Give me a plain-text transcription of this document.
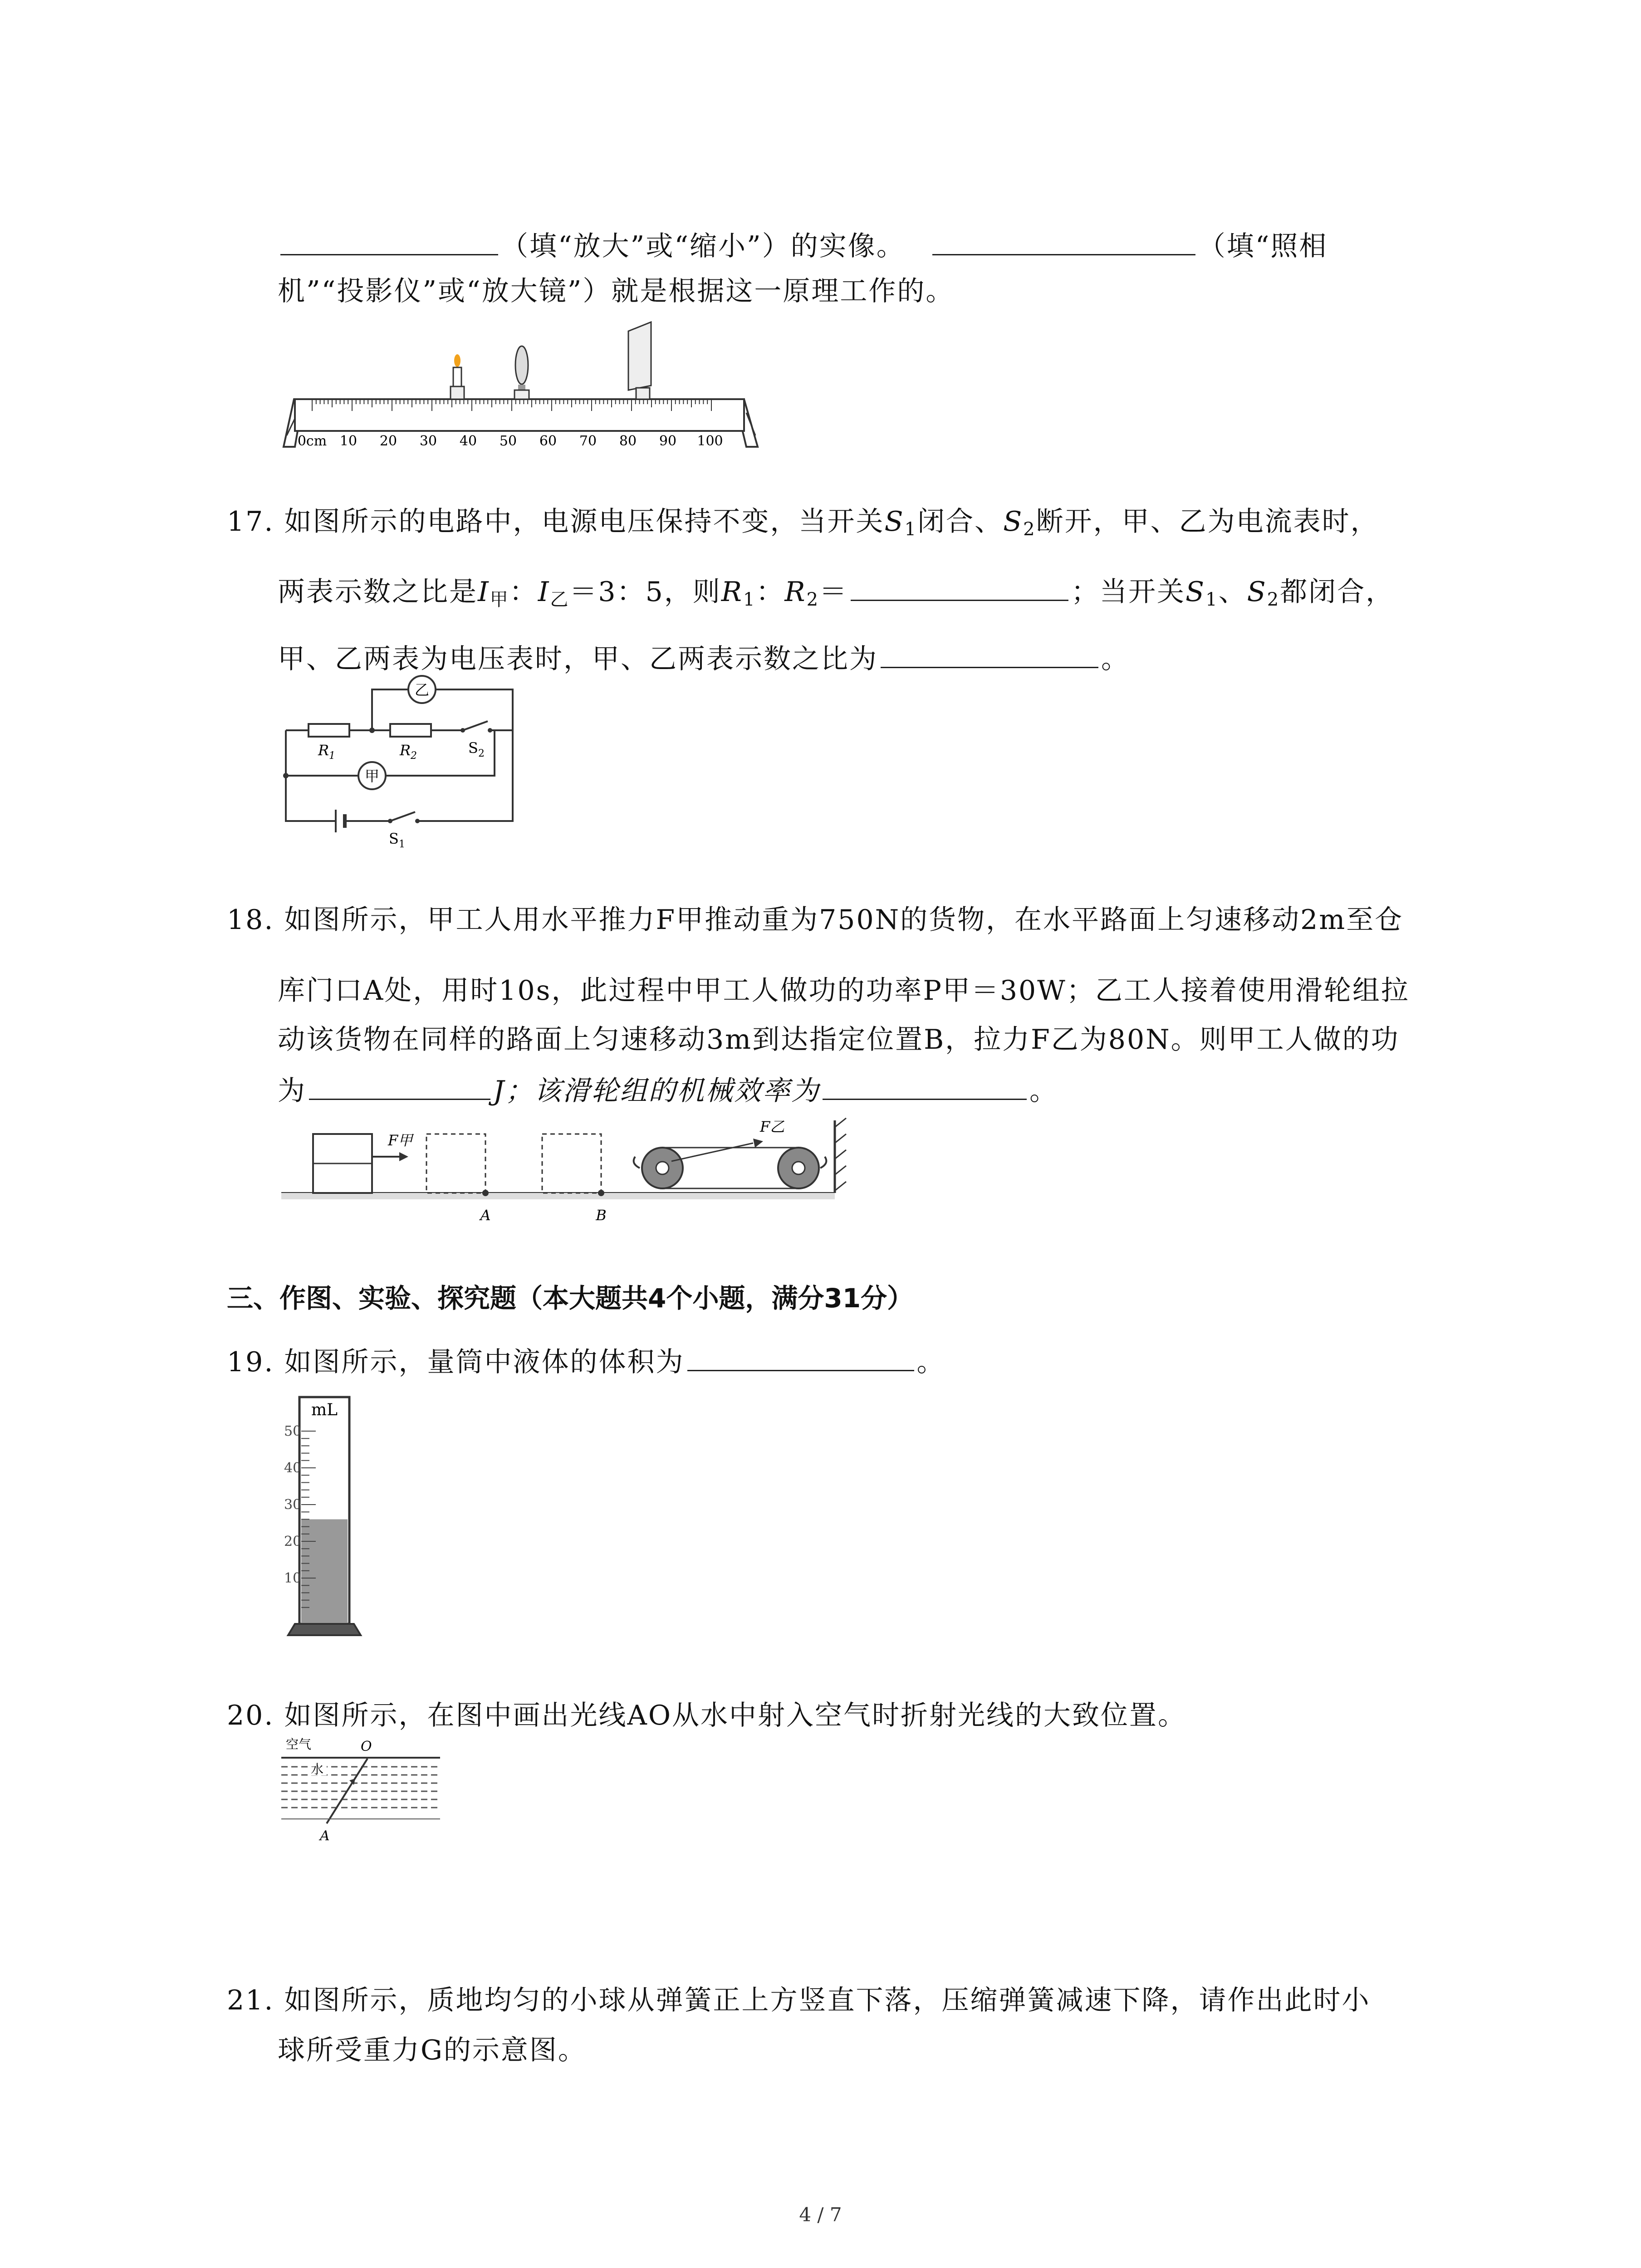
（填“放大”或“缩小”）的实像。	（填“照相
机”“投影仪”或“放大镜”）就是根据这一原理工作的。
0cm 10 20 30 40 50 60 70 80 90 100
17. 如图所示的电路中，电源电压保持不变，当开关$S_1$闭合、$S_2$断开，甲、乙为电流表时，
两表示数之比是$I_甲$：$I_乙=3$：5，则$R_1$：$R_2=$	；当开关$S_1$、$S_2$都闭合，
甲、乙两表为电压表时，甲、乙两表示数之比为	。
$R_1$	$R_2$
乙
甲
$S_2$
$S_1$
18. 如图所示，甲工人用水平推力F甲推动重为750N的货物，在水平路面上匀速移动2m至仓
库门口A处，用时10s，此过程中甲工人做功的功率P甲＝30W；乙工人接着使用滑轮组拉
动该货物在同样的路面上匀速移动3m到达指定位置B，拉力F乙为80N。则甲工人做的功
为	J；该滑轮组的机械效率为	。
F甲
A	B
F乙
三、作图、实验、探究题（本大题共4个小题，满分31分）
19. 如图所示，量筒中液体的体积为	。
mL
50
40
30
20
10
20. 如图所示，在图中画出光线AO从水中射入空气时折射光线的大致位置。
空气	O
水
A
21. 如图所示，质地均匀的小球从弹簧正上方竖直下落，压缩弹簧减速下降，请作出此时小
球所受重力G的示意图。
4 / 7
